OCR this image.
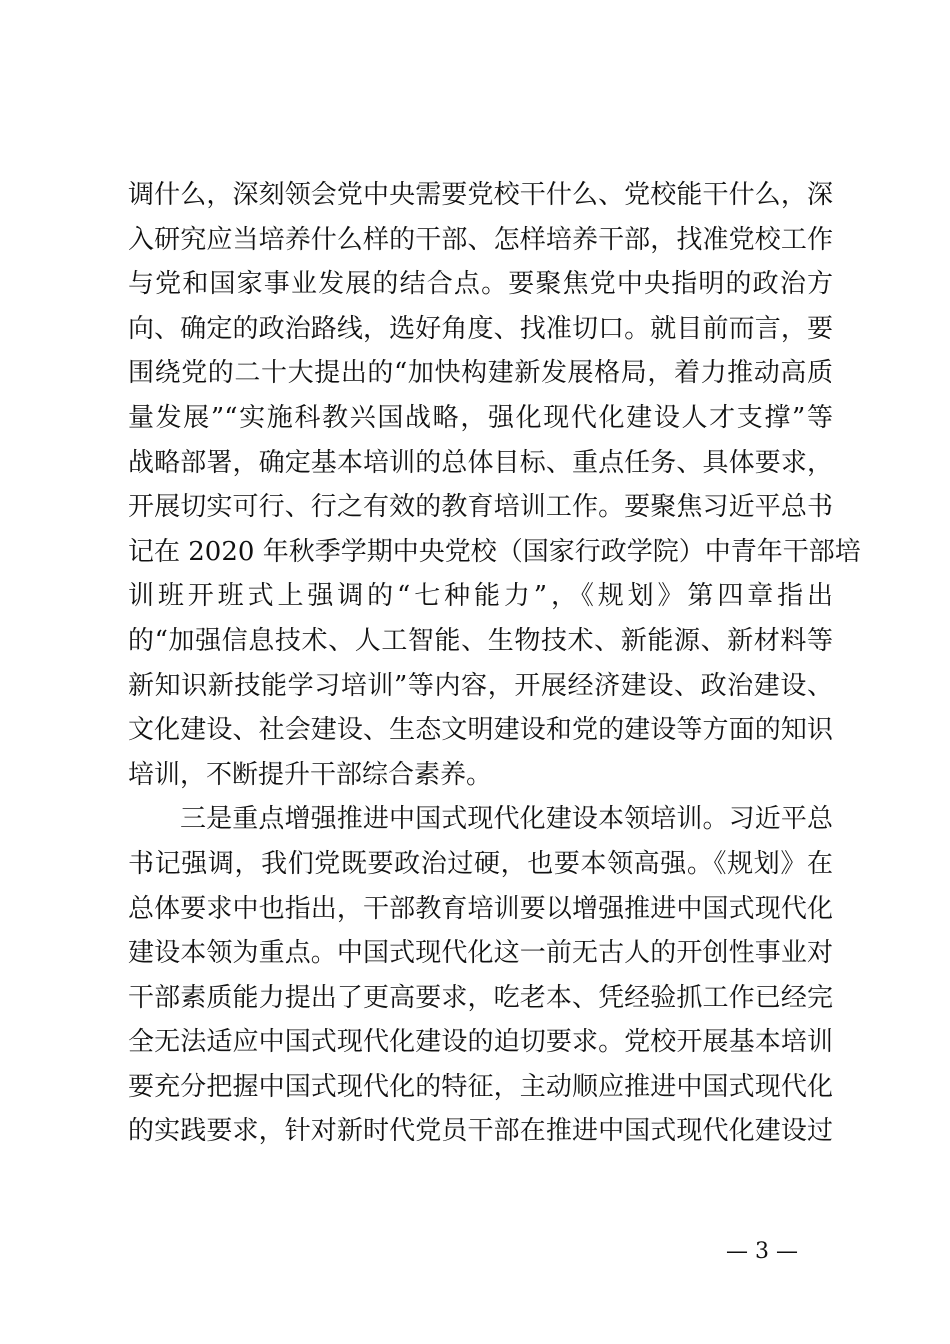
调什么，深刻领会党中央需要党校干什么、党校能干什么，深
入研究应当培养什么样的干部、怎样培养干部，找准党校工作
与党和国家事业发展的结合点。要聚焦党中央指明的政治方
向、确定的政治路线，选好角度、找准切口。就目前而言，要
围绕党的二十大提出的“加快构建新发展格局，着力推动高质
量发展”“实施科教兴国战略，强化现代化建设人才支撑”等
战略部署，确定基本培训的总体目标、重点任务、具体要求，
开展切实可行、行之有效的教育培训工作。要聚焦习近平总书
记在 2020 年秋季学期中央党校（国家行政学院）中青年干部培
训班开班式上强调的“七种能力”，《规划》第四章指出
的“加强信息技术、人工智能、生物技术、新能源、新材料等
新知识新技能学习培训”等内容，开展经济建设、政治建设、
文化建设、社会建设、生态文明建设和党的建设等方面的知识
培训，不断提升干部综合素养。
三是重点增强推进中国式现代化建设本领培训。习近平总
书记强调，我们党既要政治过硬，也要本领高强。《规划》在
总体要求中也指出，干部教育培训要以增强推进中国式现代化
建设本领为重点。中国式现代化这一前无古人的开创性事业对
干部素质能力提出了更高要求，吃老本、凭经验抓工作已经完
全无法适应中国式现代化建设的迫切要求。党校开展基本培训
要充分把握中国式现代化的特征，主动顺应推进中国式现代化
的实践要求，针对新时代党员干部在推进中国式现代化建设过
— 3 —
